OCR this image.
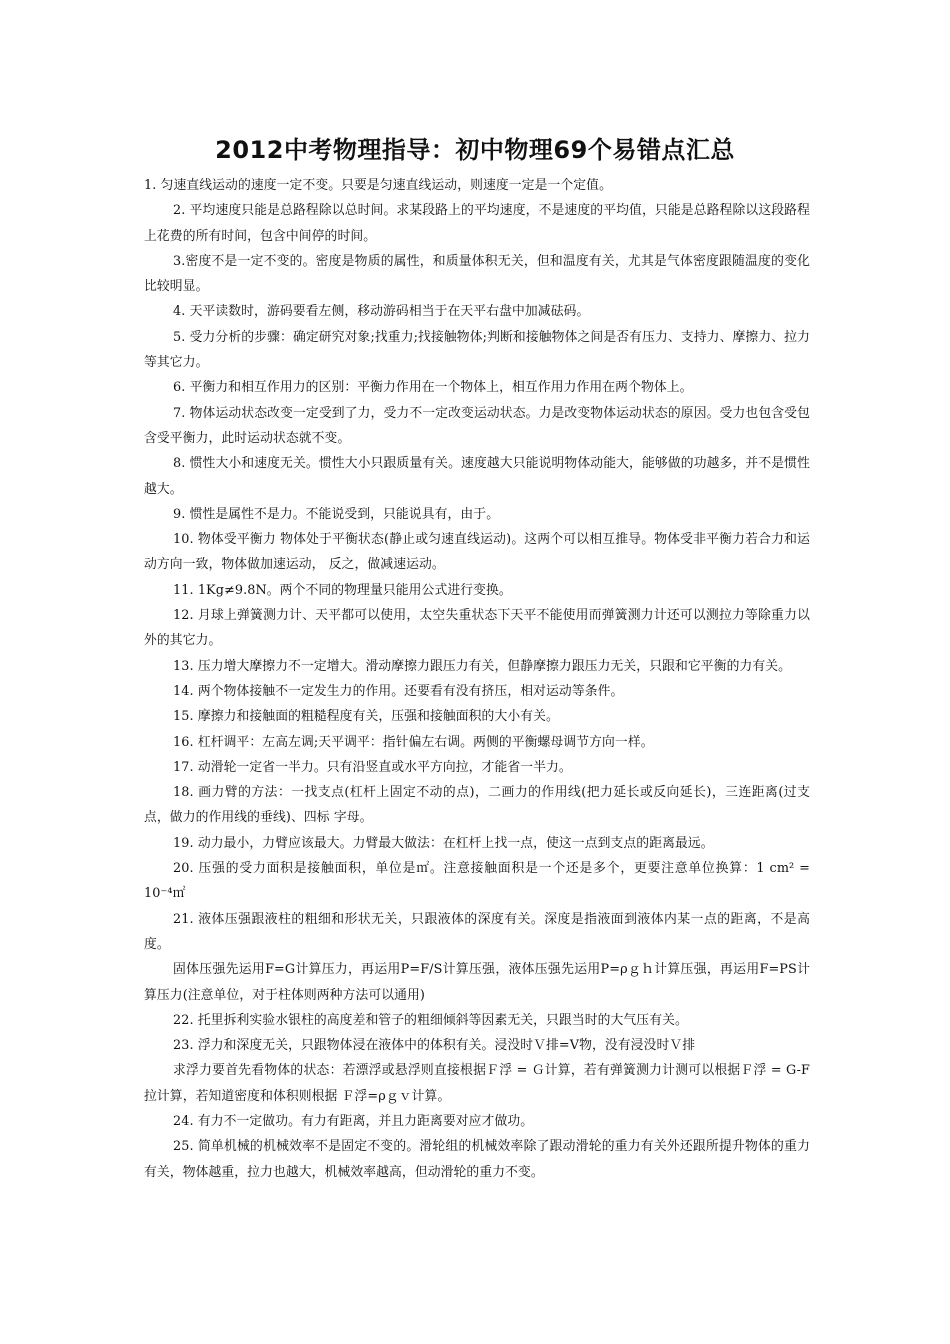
2012中考物理指导：初中物理69个易错点汇总

1. 匀速直线运动的速度一定不变。只要是匀速直线运动，则速度一定是一个定值。

2. 平均速度只能是总路程除以总时间。求某段路上的平均速度，不是速度的平均值，只能是总路程除以这段路程上花费的所有时间，包含中间停的时间。

3.密度不是一定不变的。密度是物质的属性，和质量体积无关，但和温度有关，尤其是气体密度跟随温度的变化比较明显。

4. 天平读数时，游码要看左侧，移动游码相当于在天平右盘中加减砝码。

5. 受力分析的步骤：确定研究对象;找重力;找接触物体;判断和接触物体之间是否有压力、支持力、摩擦力、拉力等其它力。

6. 平衡力和相互作用力的区别：平衡力作用在一个物体上，相互作用力作用在两个物体上。

7. 物体运动状态改变一定受到了力，受力不一定改变运动状态。力是改变物体运动状态的原因。受力也包含受包含受平衡力，此时运动状态就不变。

8. 惯性大小和速度无关。惯性大小只跟质量有关。速度越大只能说明物体动能大，能够做的功越多，并不是惯性越大。

9. 惯性是属性不是力。不能说受到，只能说具有，由于。

10. 物体受平衡力 物体处于平衡状态(静止或匀速直线运动)。这两个可以相互推导。物体受非平衡力若合力和运动方向一致，物体做加速运动， 反之，做减速运动。

11. 1Kg≠9.8N。两个不同的物理量只能用公式进行变换。

12. 月球上弹簧测力计、天平都可以使用，太空失重状态下天平不能使用而弹簧测力计还可以测拉力等除重力以外的其它力。

13. 压力增大摩擦力不一定增大。滑动摩擦力跟压力有关，但静摩擦力跟压力无关，只跟和它平衡的力有关。

14. 两个物体接触不一定发生力的作用。还要看有没有挤压，相对运动等条件。

15. 摩擦力和接触面的粗糙程度有关，压强和接触面积的大小有关。

16. 杠杆调平：左高左调;天平调平：指针偏左右调。两侧的平衡螺母调节方向一样。

17. 动滑轮一定省一半力。只有沿竖直或水平方向拉，才能省一半力。

18. 画力臂的方法：一找支点(杠杆上固定不动的点)，二画力的作用线(把力延长或反向延长)，三连距离(过支点，做力的作用线的垂线)、四标 字母。

19. 动力最小，力臂应该最大。力臂最大做法：在杠杆上找一点，使这一点到支点的距离最远。

20. 压强的受力面积是接触面积，单位是㎡。注意接触面积是一个还是多个，更要注意单位换算：1 cm² = 10⁻⁴㎡

21. 液体压强跟液柱的粗细和形状无关，只跟液体的深度有关。深度是指液面到液体内某一点的距离，不是高度。

固体压强先运用F=G计算压力，再运用P=F/S计算压强，液体压强先运用P=ρｇｈ计算压强，再运用F=PS计算压力(注意单位，对于柱体则两种方法可以通用)

22. 托里拆利实验水银柱的高度差和管子的粗细倾斜等因素无关，只跟当时的大气压有关。

23. 浮力和深度无关，只跟物体浸在液体中的体积有关。浸没时Ｖ排=V物，没有浸没时Ｖ排

求浮力要首先看物体的状态：若漂浮或悬浮则直接根据Ｆ浮 = Ｇ计算，若有弹簧测力计测可以根据Ｆ浮 = G-F拉计算，若知道密度和体积则根据 Ｆ浮=ρｇｖ计算。

24. 有力不一定做功。有力有距离，并且力距离要对应才做功。

25. 简单机械的机械效率不是固定不变的。滑轮组的机械效率除了跟动滑轮的重力有关外还跟所提升物体的重力有关，物体越重，拉力也越大，机械效率越高，但动滑轮的重力不变。
